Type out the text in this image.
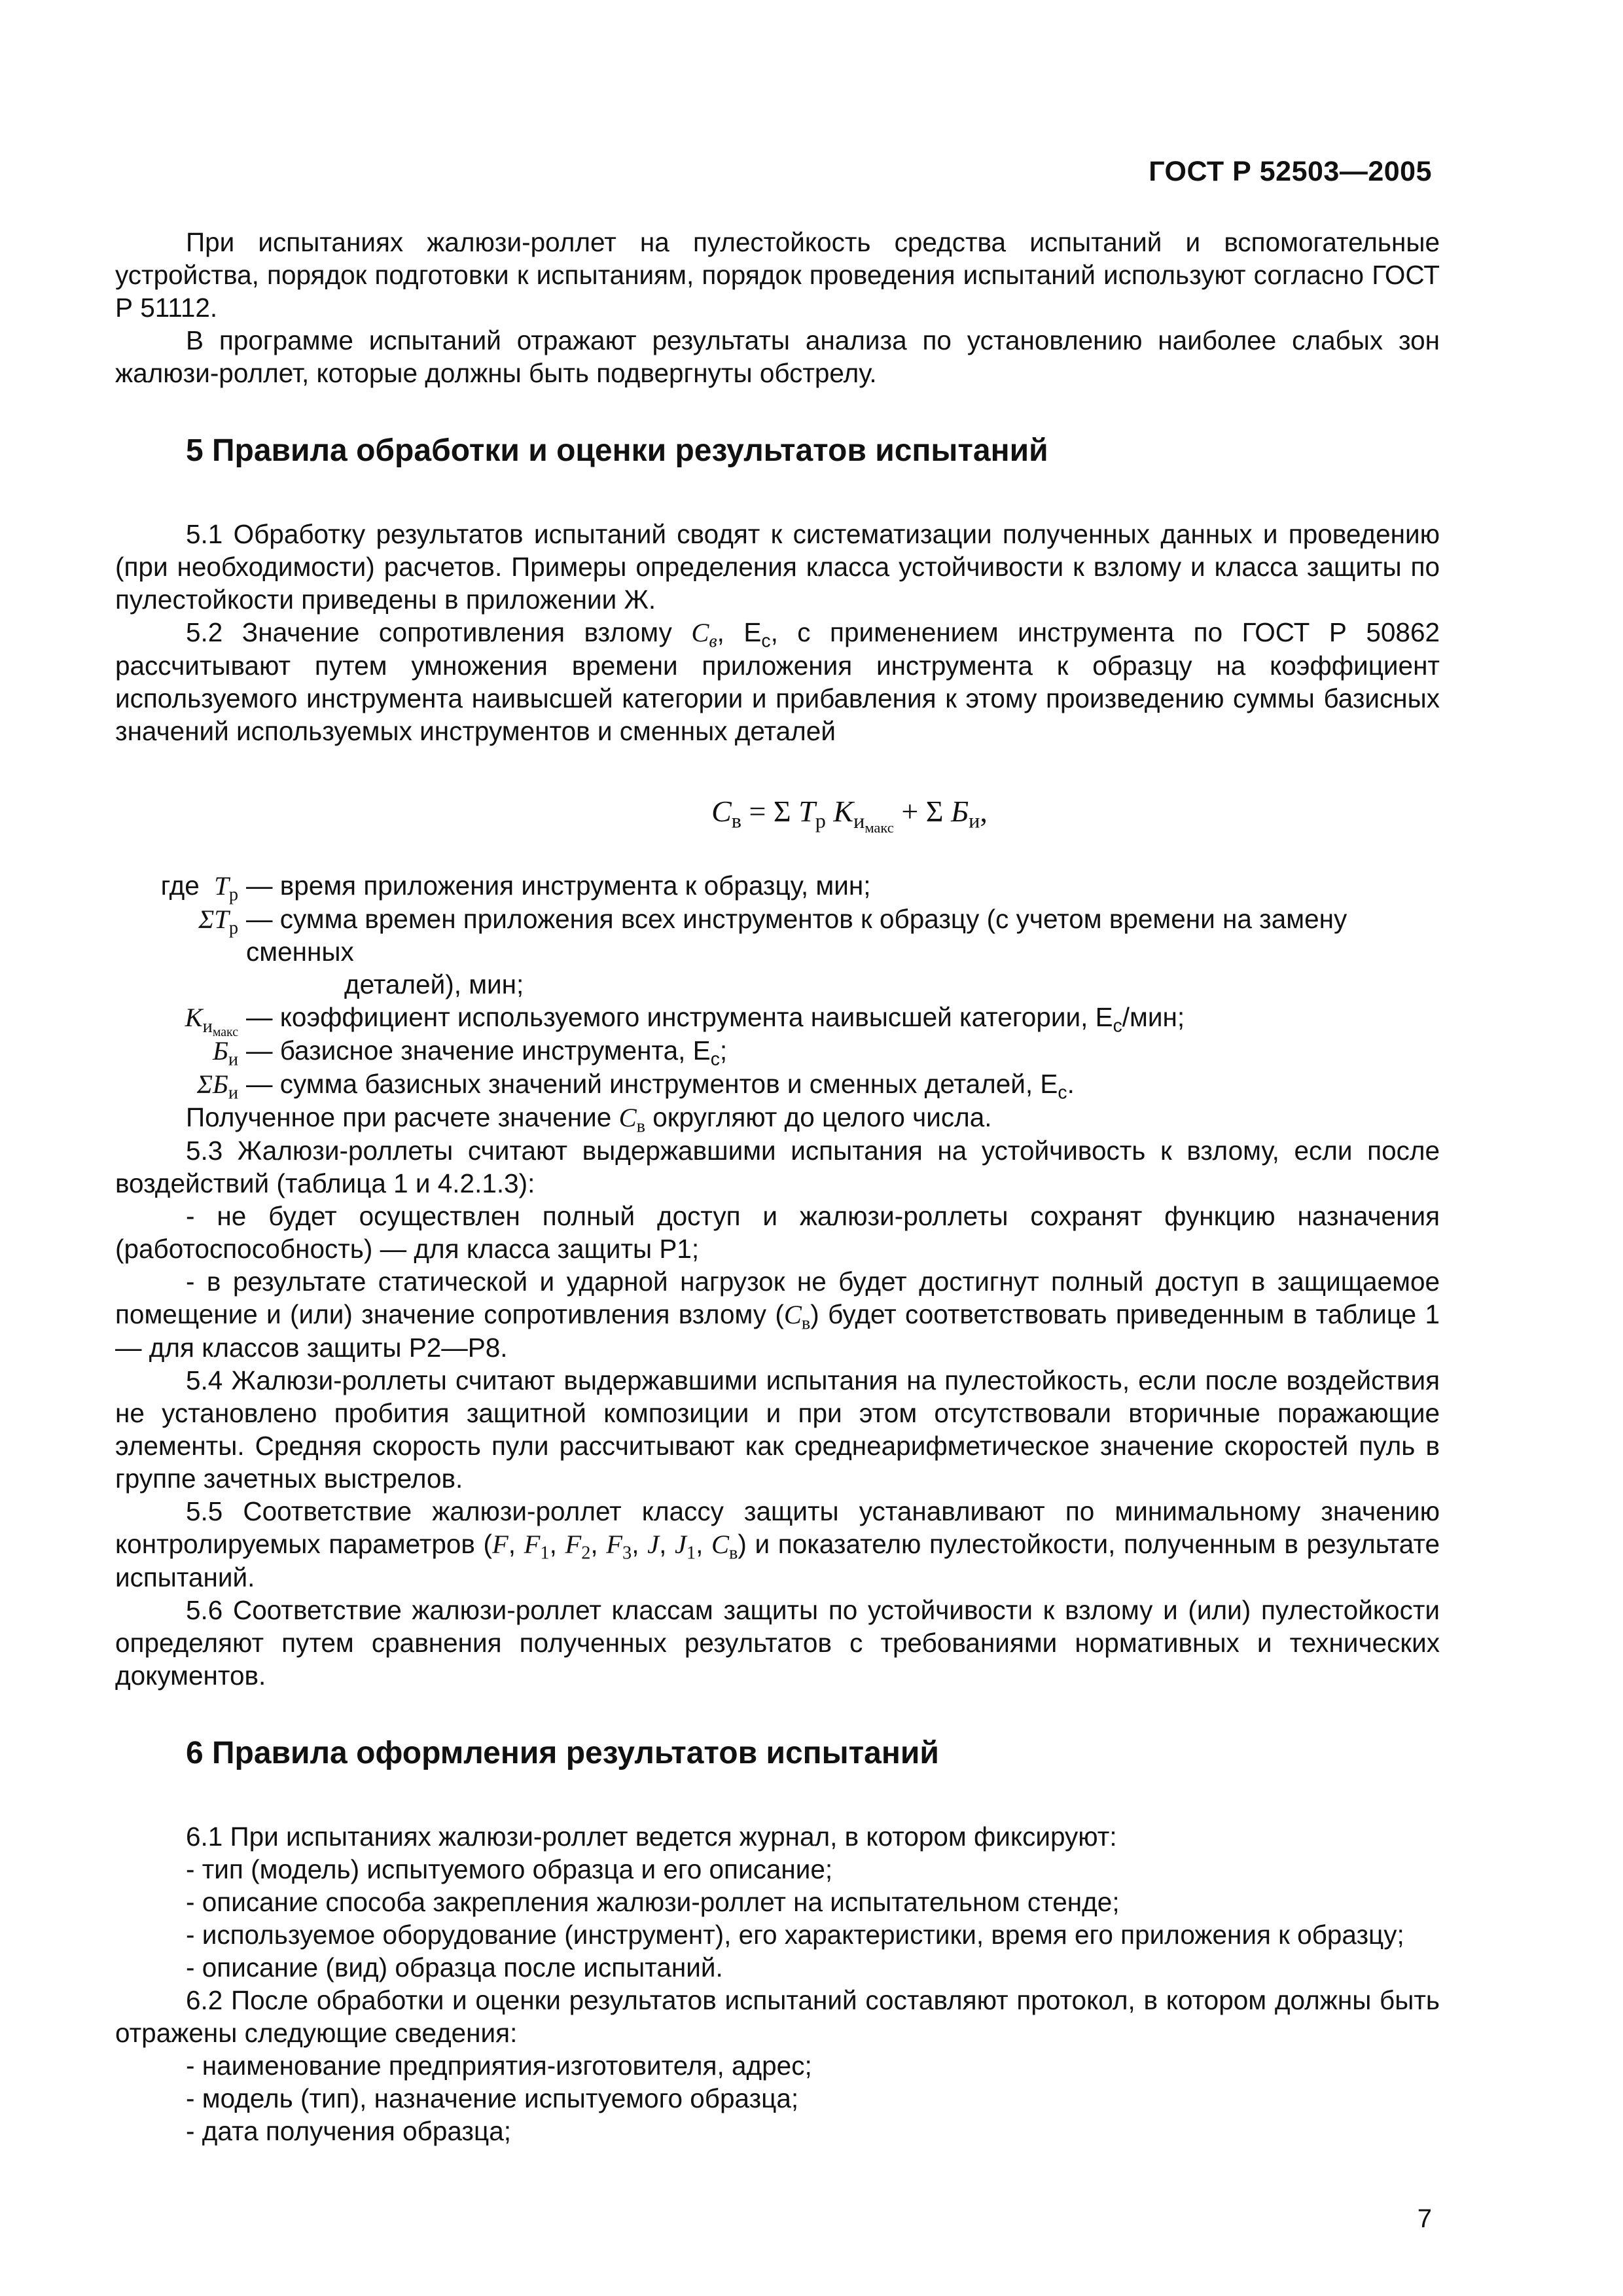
ГОСТ Р 52503—2005

При испытаниях жалюзи-роллет на пулестойкость средства испытаний и вспомогательные устройства, порядок подготовки к испытаниям, порядок проведения испытаний используют согласно ГОСТ Р 51112.

В программе испытаний отражают результаты анализа по установлению наиболее слабых зон жалюзи-роллет, которые должны быть подвергнуты обстрелу.

5 Правила обработки и оценки результатов испытаний

5.1 Обработку результатов испытаний сводят к систематизации полученных данных и проведению (при необходимости) расчетов. Примеры определения класса устойчивости к взлому и класса защиты по пулестойкости приведены в приложении Ж.

5.2 Значение сопротивления взлому $C_в$, $Е_с$, с применением инструмента по ГОСТ Р 50862 рассчитывают путем умножения времени приложения инструмента к образцу на коэффициент используемого инструмента наивысшей категории и прибавления к этому произведению суммы базисных значений используемых инструментов и сменных деталей

$C_в = \Sigma$ $T_р$ $K_{и_{макс}} + \Sigma$ $Б_и$,

где $T_р$ — время приложения инструмента к образцу, мин;
$\Sigma T_р$ — сумма времен приложения всех инструментов к образцу (с учетом времени на замену сменных
деталей), мин;
$K_{и_{макс}}$ — коэффициент используемого инструмента наивысшей категории, $Е_с$/мин;
$Б_и$ — базисное значение инструмента, $Е_с$;
$\Sigma Б_и$ — сумма базисных значений инструментов и сменных деталей, $Е_с$.

Полученное при расчете значение $C_в$ округляют до целого числа.

5.3 Жалюзи-роллеты считают выдержавшими испытания на устойчивость к взлому, если после воздействий (таблица 1 и 4.2.1.3):

- не будет осуществлен полный доступ и жалюзи-роллеты сохранят функцию назначения (работоспособность) — для класса защиты Р1;

- в результате статической и ударной нагрузок не будет достигнут полный доступ в защищаемое помещение и (или) значение сопротивления взлому $(C_в)$ будет соответствовать приведенным в таблице 1 — для классов защиты Р2—Р8.

5.4 Жалюзи-роллеты считают выдержавшими испытания на пулестойкость, если после воздействия не установлено пробития защитной композиции и при этом отсутствовали вторичные поражающие элементы. Средняя скорость пули рассчитывают как среднеарифметическое значение скоростей пуль в группе зачетных выстрелов.

5.5 Соответствие жалюзи-роллет классу защиты устанавливают по минимальному значению контролируемых параметров (F, $F_1$, $F_2$, $F_3$, J, $J_1$, $C_в$) и показателю пулестойкости, полученным в результате испытаний.

5.6 Соответствие жалюзи-роллет классам защиты по устойчивости к взлому и (или) пулестойкости определяют путем сравнения полученных результатов с требованиями нормативных и технических документов.

6 Правила оформления результатов испытаний

6.1 При испытаниях жалюзи-роллет ведется журнал, в котором фиксируют:

- тип (модель) испытуемого образца и его описание;

- описание способа закрепления жалюзи-роллет на испытательном стенде;

- используемое оборудование (инструмент), его характеристики, время его приложения к образцу;

- описание (вид) образца после испытаний.

6.2 После обработки и оценки результатов испытаний составляют протокол, в котором должны быть отражены следующие сведения:

- наименование предприятия-изготовителя, адрес;

- модель (тип), назначение испытуемого образца;

- дата получения образца;

7
